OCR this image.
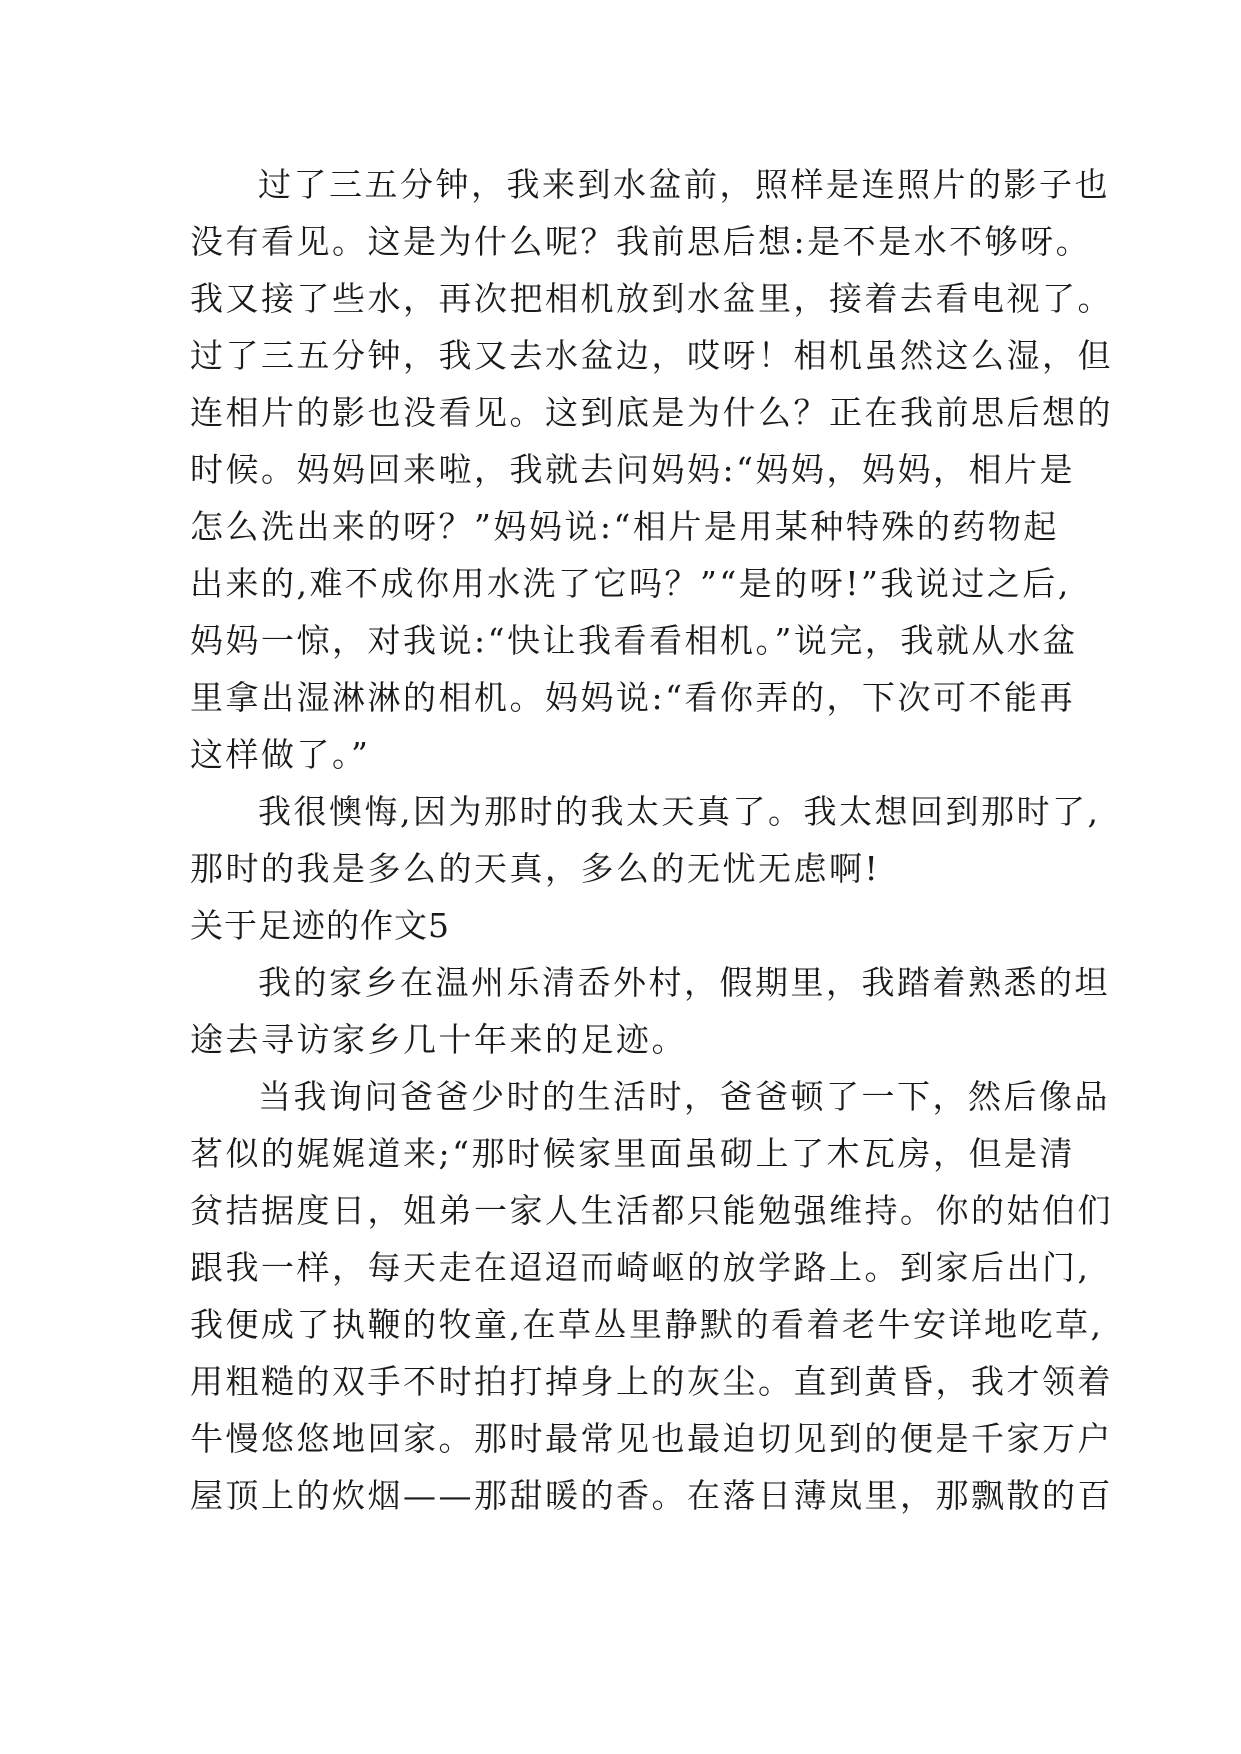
过了三五分钟，我来到水盆前，照样是连照片的影子也
没有看见。这是为什么呢？我前思后想:是不是水不够呀。
我又接了些水，再次把相机放到水盆里，接着去看电视了。
过了三五分钟，我又去水盆边，哎呀！相机虽然这么湿，但
连相片的影也没看见。这到底是为什么？正在我前思后想的
时候。妈妈回来啦，我就去问妈妈:“妈妈，妈妈，相片是
怎么洗出来的呀？”妈妈说:“相片是用某种特殊的药物起
出来的,难不成你用水洗了它吗？”“是的呀!”我说过之后,
妈妈一惊，对我说:“快让我看看相机。”说完，我就从水盆
里拿出湿淋淋的相机。妈妈说:“看你弄的，下次可不能再
这样做了。”
我很懊悔,因为那时的我太天真了。我太想回到那时了,
那时的我是多么的天真，多么的无忧无虑啊!
关于足迹的作文5
我的家乡在温州乐清岙外村，假期里，我踏着熟悉的坦
途去寻访家乡几十年来的足迹。
当我询问爸爸少时的生活时，爸爸顿了一下，然后像品
茗似的娓娓道来;“那时候家里面虽砌上了木瓦房，但是清
贫拮据度日，姐弟一家人生活都只能勉强维持。你的姑伯们
跟我一样，每天走在迢迢而崎岖的放学路上。到家后出门,
我便成了执鞭的牧童,在草丛里静默的看着老牛安详地吃草,
用粗糙的双手不时拍打掉身上的灰尘。直到黄昏，我才领着
牛慢悠悠地回家。那时最常见也最迫切见到的便是千家万户
屋顶上的炊烟——那甜暖的香。在落日薄岚里，那飘散的百
